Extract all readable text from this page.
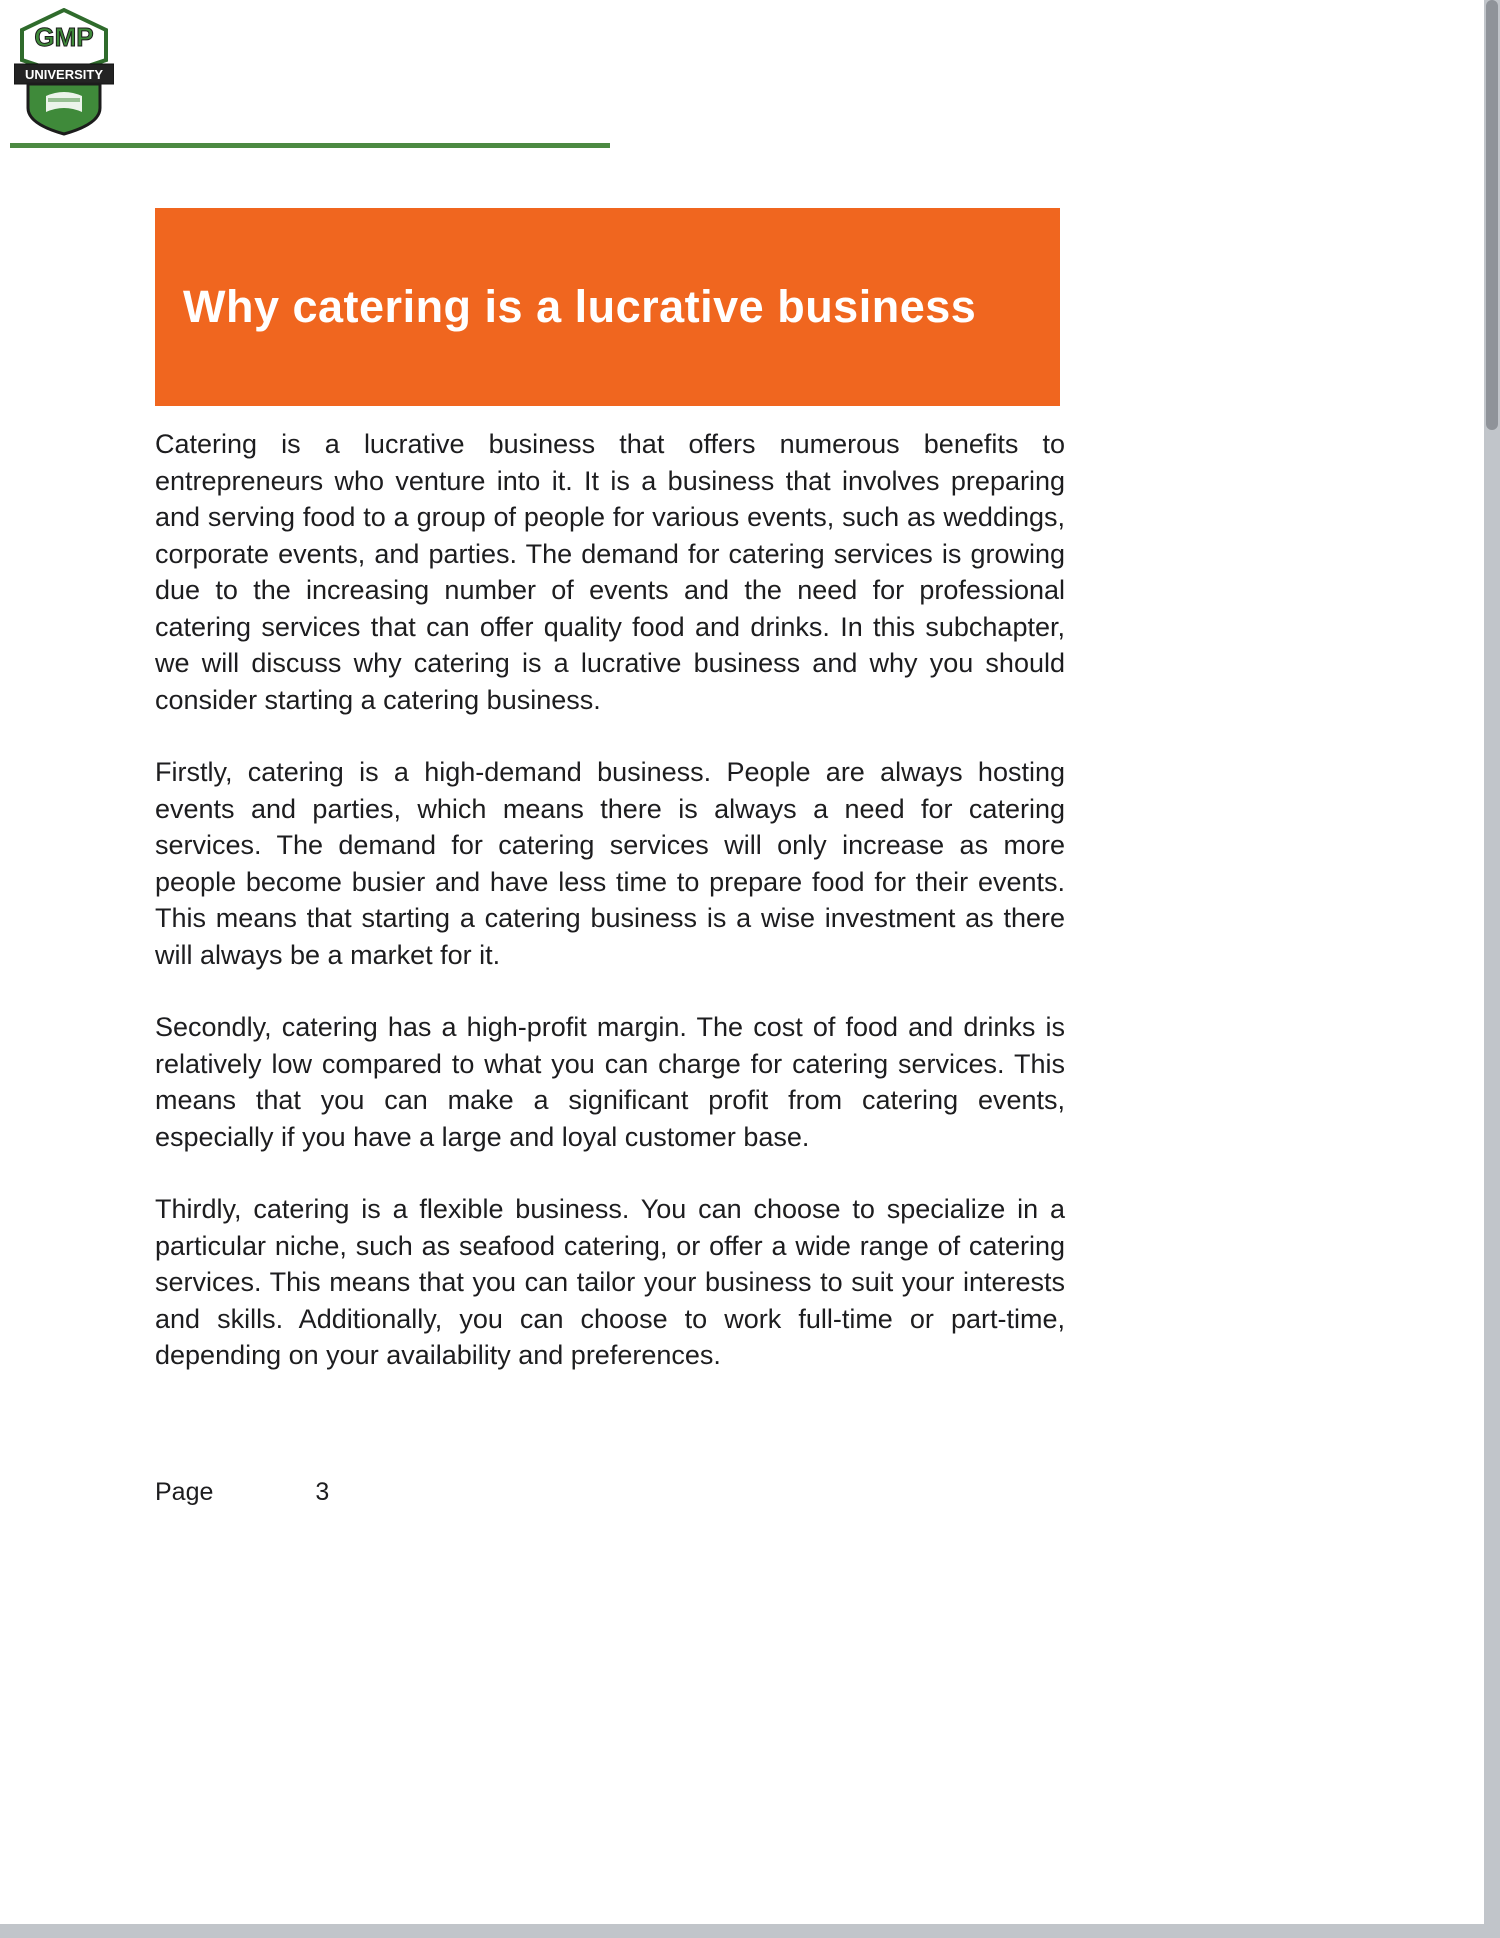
GMP
UNIVERSITY
Why catering is a lucrative business

Catering is a lucrative business that offers numerous benefits to entrepreneurs who venture into it. It is a business that involves preparing and serving food to a group of people for various events, such as weddings, corporate events, and parties. The demand for catering services is growing due to the increasing number of events and the need for professional catering services that can offer quality food and drinks. In this subchapter, we will discuss why catering is a lucrative business and why you should consider starting a catering business.

Firstly, catering is a high-demand business. People are always hosting events and parties, which means there is always a need for catering services. The demand for catering services will only increase as more people become busier and have less time to prepare food for their events. This means that starting a catering business is a wise investment as there will always be a market for it.

Secondly, catering has a high-profit margin. The cost of food and drinks is relatively low compared to what you can charge for catering services. This means that you can make a significant profit from catering events, especially if you have a large and loyal customer base.

Thirdly, catering is a flexible business. You can choose to specialize in a particular niche, such as seafood catering, or offer a wide range of catering services. This means that you can tailor your business to suit your interests and skills. Additionally, you can choose to work full-time or part-time, depending on your availability and preferences.

Page	3
